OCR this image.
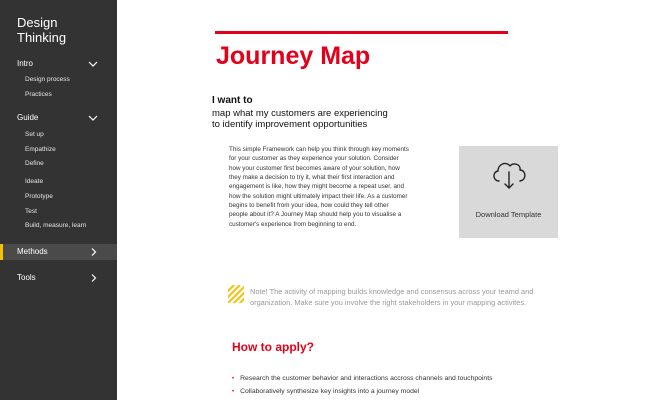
Design
Thinking
Intro
Design process
Practices
Guide
Set up
Empathize
Define
Ideate
Prototype
Test
Build, measure, learn
Methods
Tools
Journey Map
I want to
map what my customers are experiencing
to identify improvement opportunities
This simple Framework can help you think through key moments
for your customer as they experience your solution. Consider
how your customer first becomes aware of your solution, how
they make a decision to try it, what their first interaction and
engagement is like, how they might become a repeat user, and
how the solution might ultimately impact their life. As a customer
begins to benefit from your idea, how could they tell other
people about it? A Journey Map should help you to visualise a
customer's experience from beginning to end.
Download Template
Note! The activity of mapping builds knowledge and consensus across your teamd and
organization. Make sure you involve the right stakeholders in your mapping activites.
How to apply?
• Research the customer behavior and interactions accross channels and touchpoints
• Collaboratively synthesize key insights into a journey model
